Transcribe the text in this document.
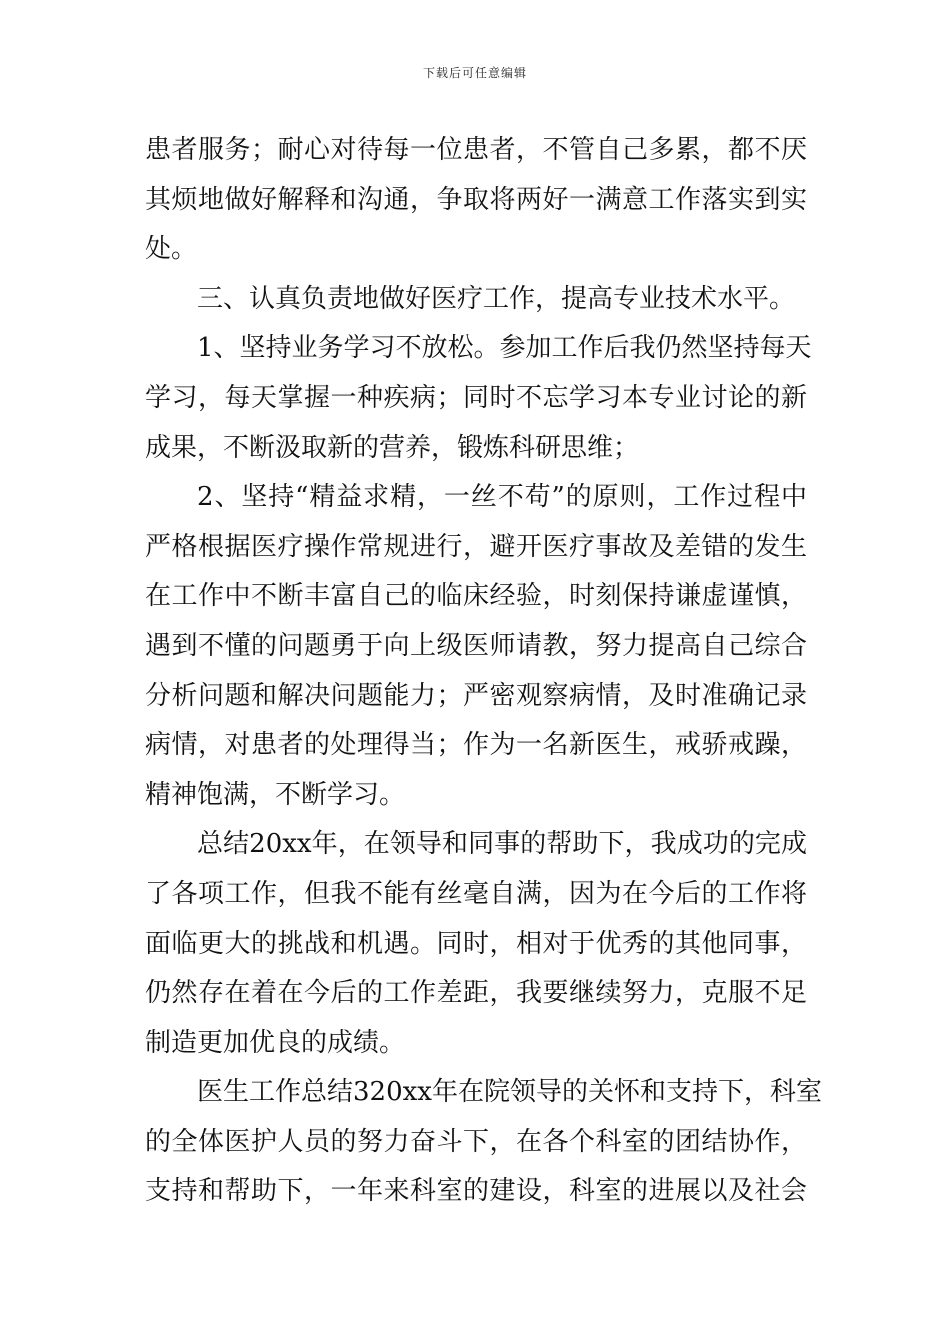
下载后可任意编辑
患者服务；耐心对待每一位患者，不管自己多累，都不厌
其烦地做好解释和沟通，争取将两好一满意工作落实到实
处。
三、认真负责地做好医疗工作，提高专业技术水平。
1、坚持业务学习不放松。参加工作后我仍然坚持每天
学习，每天掌握一种疾病；同时不忘学习本专业讨论的新
成果，不断汲取新的营养，锻炼科研思维；
2、坚持“精益求精，一丝不苟”的原则，工作过程中
严格根据医疗操作常规进行，避开医疗事故及差错的发生
在工作中不断丰富自己的临床经验，时刻保持谦虚谨慎，
遇到不懂的问题勇于向上级医师请教，努力提高自己综合
分析问题和解决问题能力；严密观察病情，及时准确记录
病情，对患者的处理得当；作为一名新医生，戒骄戒躁，
精神饱满，不断学习。
总结20xx年，在领导和同事的帮助下，我成功的完成
了各项工作，但我不能有丝毫自满，因为在今后的工作将
面临更大的挑战和机遇。同时，相对于优秀的其他同事，
仍然存在着在今后的工作差距，我要继续努力，克服不足
制造更加优良的成绩。
医生工作总结320xx年在院领导的关怀和支持下，科室
的全体医护人员的努力奋斗下，在各个科室的团结协作，
支持和帮助下，一年来科室的建设，科室的进展以及社会
